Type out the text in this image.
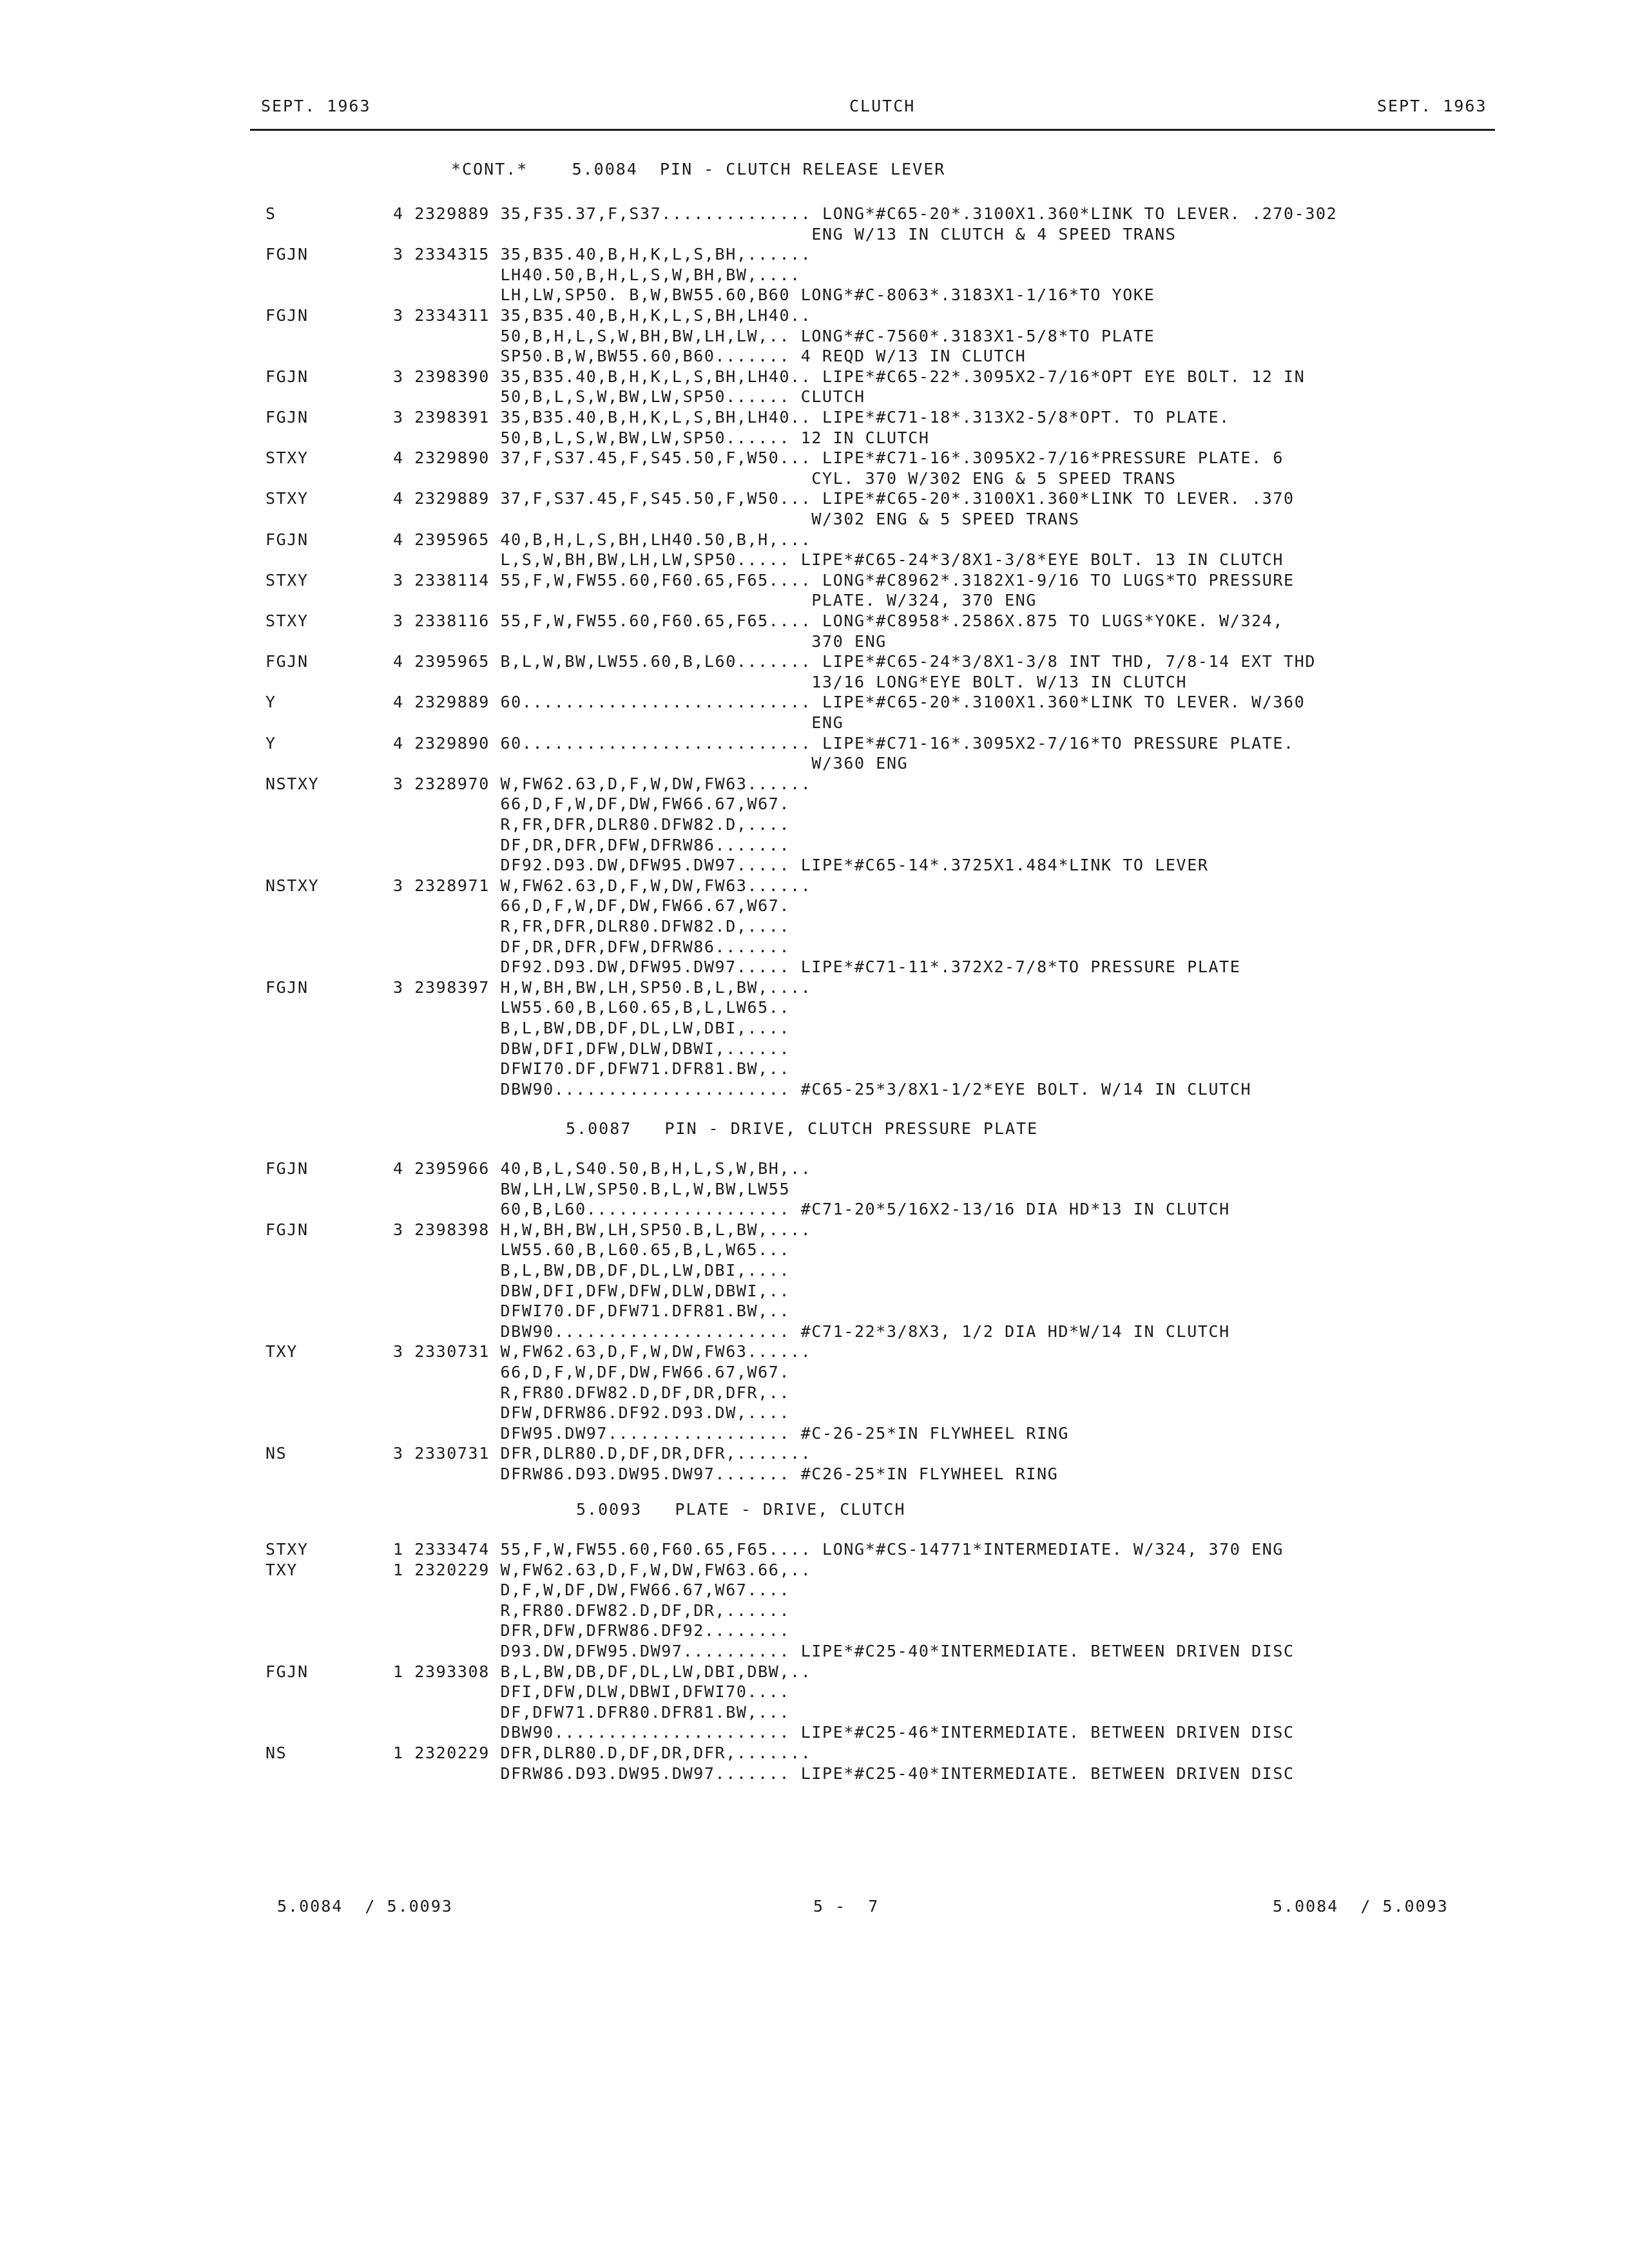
SEPT. 1963	CLUTCH	SEPT. 1963
*CONT.*    5.0084  PIN - CLUTCH RELEASE LEVER
S	4 2329889 35,F35.37,F,S37.............. LONG*#C65-20*.3100X1.360*LINK TO LEVER. .270-302
ENG W/13 IN CLUTCH & 4 SPEED TRANS
FGJN	3 2334315 35,B35.40,B,H,K,L,S,BH,......
LH40.50,B,H,L,S,W,BH,BW,....
LH,LW,SP50. B,W,BW55.60,B60 LONG*#C-8063*.3183X1-1/16*TO YOKE
FGJN	3 2334311 35,B35.40,B,H,K,L,S,BH,LH40..
50,B,H,L,S,W,BH,BW,LH,LW,.. LONG*#C-7560*.3183X1-5/8*TO PLATE
SP50.B,W,BW55.60,B60....... 4 REQD W/13 IN CLUTCH
FGJN	3 2398390 35,B35.40,B,H,K,L,S,BH,LH40.. LIPE*#C65-22*.3095X2-7/16*OPT EYE BOLT. 12 IN
50,B,L,S,W,BW,LW,SP50...... CLUTCH
FGJN	3 2398391 35,B35.40,B,H,K,L,S,BH,LH40.. LIPE*#C71-18*.313X2-5/8*OPT. TO PLATE.
50,B,L,S,W,BW,LW,SP50...... 12 IN CLUTCH
STXY	4 2329890 37,F,S37.45,F,S45.50,F,W50... LIPE*#C71-16*.3095X2-7/16*PRESSURE PLATE. 6
CYL. 370 W/302 ENG & 5 SPEED TRANS
STXY	4 2329889 37,F,S37.45,F,S45.50,F,W50... LIPE*#C65-20*.3100X1.360*LINK TO LEVER. .370
W/302 ENG & 5 SPEED TRANS
FGJN	4 2395965 40,B,H,L,S,BH,LH40.50,B,H,...
L,S,W,BH,BW,LH,LW,SP50..... LIPE*#C65-24*3/8X1-3/8*EYE BOLT. 13 IN CLUTCH
STXY	3 2338114 55,F,W,FW55.60,F60.65,F65.... LONG*#C8962*.3182X1-9/16 TO LUGS*TO PRESSURE
PLATE. W/324, 370 ENG
STXY	3 2338116 55,F,W,FW55.60,F60.65,F65.... LONG*#C8958*.2586X.875 TO LUGS*YOKE. W/324,
370 ENG
FGJN	4 2395965 B,L,W,BW,LW55.60,B,L60....... LIPE*#C65-24*3/8X1-3/8 INT THD, 7/8-14 EXT THD
13/16 LONG*EYE BOLT. W/13 IN CLUTCH
Y	4 2329889 60........................... LIPE*#C65-20*.3100X1.360*LINK TO LEVER. W/360
ENG
Y	4 2329890 60........................... LIPE*#C71-16*.3095X2-7/16*TO PRESSURE PLATE.
W/360 ENG
NSTXY	3 2328970 W,FW62.63,D,F,W,DW,FW63......
66,D,F,W,DF,DW,FW66.67,W67.
R,FR,DFR,DLR80.DFW82.D,....
DF,DR,DFR,DFW,DFRW86.......
DF92.D93.DW,DFW95.DW97..... LIPE*#C65-14*.3725X1.484*LINK TO LEVER
NSTXY	3 2328971 W,FW62.63,D,F,W,DW,FW63......
66,D,F,W,DF,DW,FW66.67,W67.
R,FR,DFR,DLR80.DFW82.D,....
DF,DR,DFR,DFW,DFRW86.......
DF92.D93.DW,DFW95.DW97..... LIPE*#C71-11*.372X2-7/8*TO PRESSURE PLATE
FGJN	3 2398397 H,W,BH,BW,LH,SP50.B,L,BW,....
LW55.60,B,L60.65,B,L,LW65..
B,L,BW,DB,DF,DL,LW,DBI,....
DBW,DFI,DFW,DLW,DBWI,......
DFWI70.DF,DFW71.DFR81.BW,..
DBW90...................... #C65-25*3/8X1-1/2*EYE BOLT. W/14 IN CLUTCH
5.0087   PIN - DRIVE, CLUTCH PRESSURE PLATE
FGJN	4 2395966 40,B,L,S40.50,B,H,L,S,W,BH,..
BW,LH,LW,SP50.B,L,W,BW,LW55
60,B,L60................... #C71-20*5/16X2-13/16 DIA HD*13 IN CLUTCH
FGJN	3 2398398 H,W,BH,BW,LH,SP50.B,L,BW,....
LW55.60,B,L60.65,B,L,W65...
B,L,BW,DB,DF,DL,LW,DBI,....
DBW,DFI,DFW,DFW,DLW,DBWI,..
DFWI70.DF,DFW71.DFR81.BW,..
DBW90...................... #C71-22*3/8X3, 1/2 DIA HD*W/14 IN CLUTCH
TXY	3 2330731 W,FW62.63,D,F,W,DW,FW63......
66,D,F,W,DF,DW,FW66.67,W67.
R,FR80.DFW82.D,DF,DR,DFR,..
DFW,DFRW86.DF92.D93.DW,....
DFW95.DW97................. #C-26-25*IN FLYWHEEL RING
NS	3 2330731 DFR,DLR80.D,DF,DR,DFR,.......
DFRW86.D93.DW95.DW97....... #C26-25*IN FLYWHEEL RING
5.0093   PLATE - DRIVE, CLUTCH
STXY	1 2333474 55,F,W,FW55.60,F60.65,F65.... LONG*#CS-14771*INTERMEDIATE. W/324, 370 ENG
TXY	1 2320229 W,FW62.63,D,F,W,DW,FW63.66,..
D,F,W,DF,DW,FW66.67,W67....
R,FR80.DFW82.D,DF,DR,......
DFR,DFW,DFRW86.DF92........
D93.DW,DFW95.DW97.......... LIPE*#C25-40*INTERMEDIATE. BETWEEN DRIVEN DISC
FGJN	1 2393308 B,L,BW,DB,DF,DL,LW,DBI,DBW,..
DFI,DFW,DLW,DBWI,DFWI70....
DF,DFW71.DFR80.DFR81.BW,...
DBW90...................... LIPE*#C25-46*INTERMEDIATE. BETWEEN DRIVEN DISC
NS	1 2320229 DFR,DLR80.D,DF,DR,DFR,.......
DFRW86.D93.DW95.DW97....... LIPE*#C25-40*INTERMEDIATE. BETWEEN DRIVEN DISC
5.0084  / 5.0093	5 -  7	5.0084  / 5.0093
